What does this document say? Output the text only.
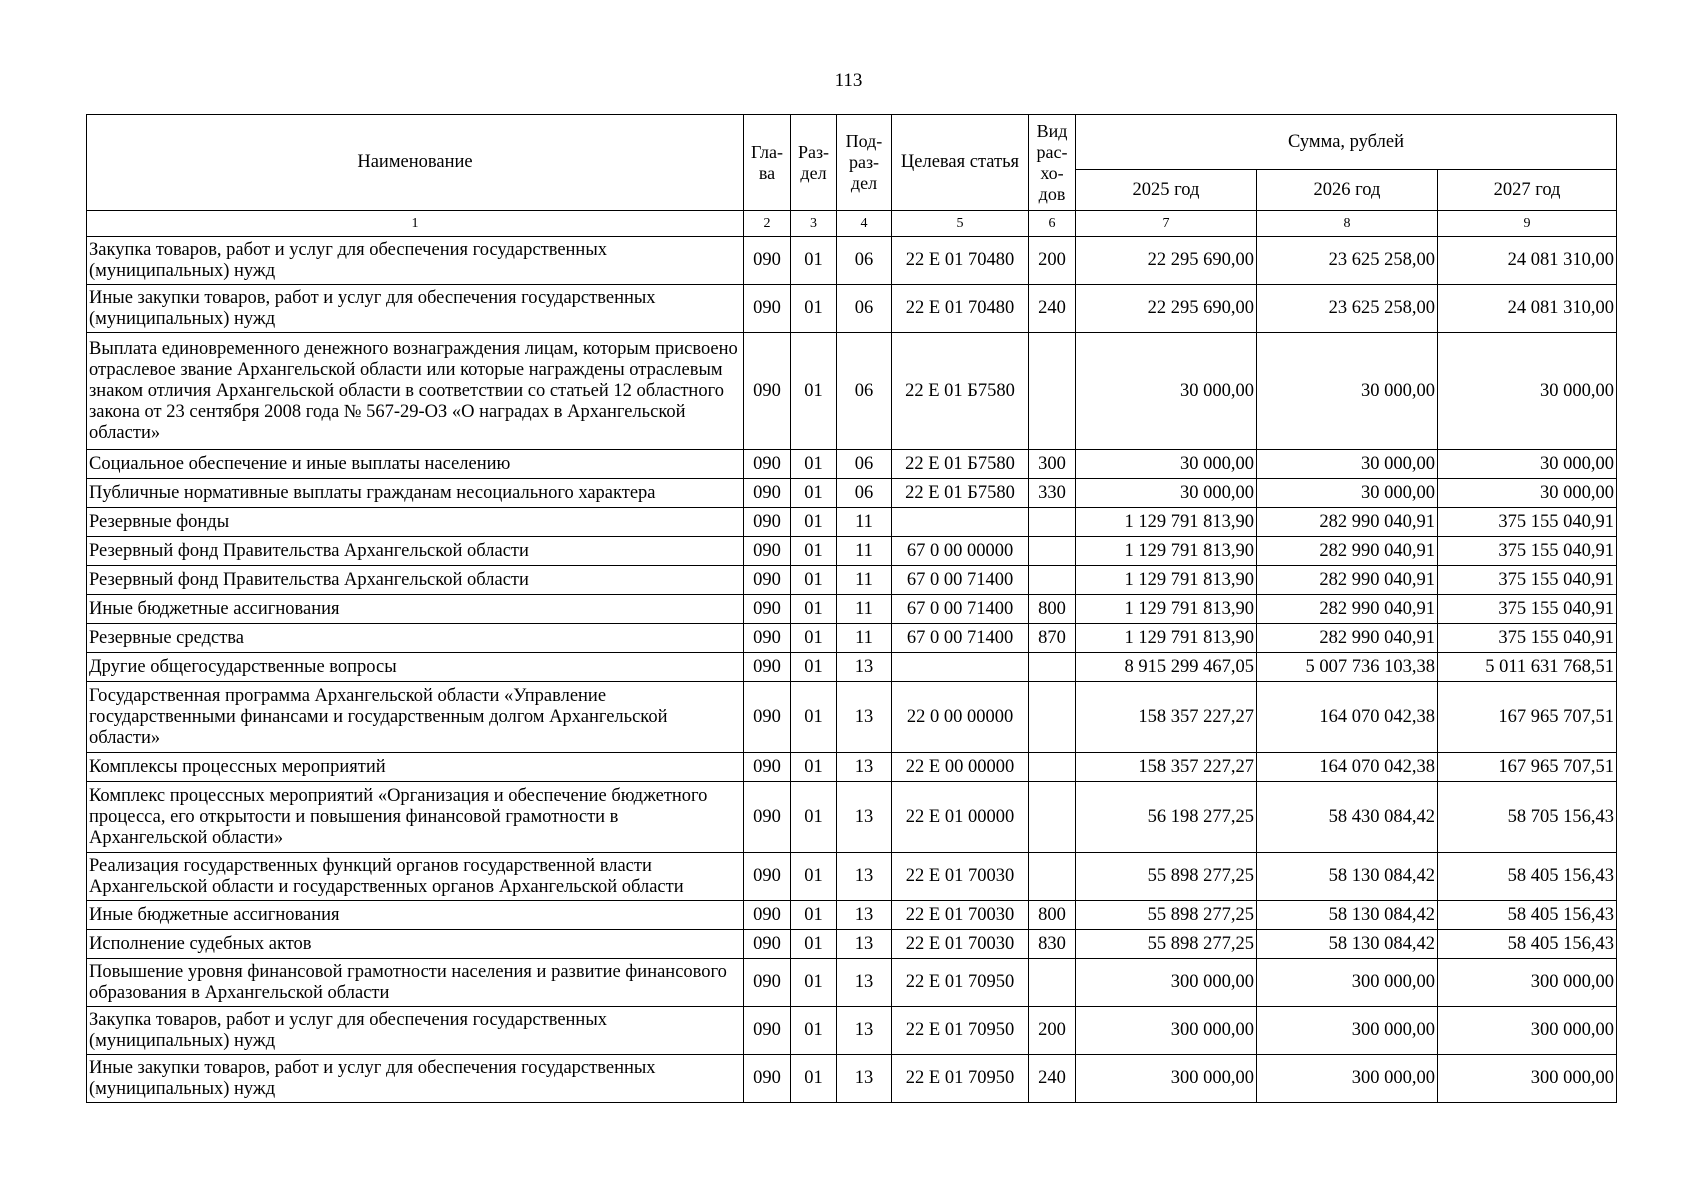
113
Наименование	Гла-ва	Раз-дел	Под-раз-дел	Целевая статья	Вид рас-хо-дов	Сумма, рублей		
						2025 год	2026 год	2027 год
1	2	3	4	5	6	7	8	9
Закупка товаров, работ и услуг для обеспечения государственных (муниципальных) нужд	090	01	06	22 Е 01 70480	200	22 295 690,00	23 625 258,00	24 081 310,00
Иные закупки товаров, работ и услуг для обеспечения государственных (муниципальных) нужд	090	01	06	22 Е 01 70480	240	22 295 690,00	23 625 258,00	24 081 310,00
Выплата единовременного денежного вознаграждения лицам, которым присвоено отраслевое звание Архангельской области или которые награждены отраслевым знаком отличия Архангельской области в соответствии со статьей 12 областного закона от 23 сентября 2008 года № 567-29-ОЗ «О наградах в Архангельской области»	090	01	06	22 Е 01 Б7580		30 000,00	30 000,00	30 000,00
Социальное обеспечение и иные выплаты населению	090	01	06	22 Е 01 Б7580	300	30 000,00	30 000,00	30 000,00
Публичные нормативные выплаты гражданам несоциального характера	090	01	06	22 Е 01 Б7580	330	30 000,00	30 000,00	30 000,00
Резервные фонды	090	01	11			1 129 791 813,90	282 990 040,91	375 155 040,91
Резервный фонд Правительства Архангельской области	090	01	11	67 0 00 00000		1 129 791 813,90	282 990 040,91	375 155 040,91
Резервный фонд Правительства Архангельской области	090	01	11	67 0 00 71400		1 129 791 813,90	282 990 040,91	375 155 040,91
Иные бюджетные ассигнования	090	01	11	67 0 00 71400	800	1 129 791 813,90	282 990 040,91	375 155 040,91
Резервные средства	090	01	11	67 0 00 71400	870	1 129 791 813,90	282 990 040,91	375 155 040,91
Другие общегосударственные вопросы	090	01	13			8 915 299 467,05	5 007 736 103,38	5 011 631 768,51
Государственная программа Архангельской области «Управление государственными финансами и государственным долгом Архангельской области»	090	01	13	22 0 00 00000		158 357 227,27	164 070 042,38	167 965 707,51
Комплексы процессных мероприятий	090	01	13	22 Е 00 00000		158 357 227,27	164 070 042,38	167 965 707,51
Комплекс процессных мероприятий «Организация и обеспечение бюджетного процесса, его открытости и повышения финансовой грамотности в Архангельской области»	090	01	13	22 Е 01 00000		56 198 277,25	58 430 084,42	58 705 156,43
Реализация государственных функций органов государственной власти Архангельской области и государственных органов Архангельской области	090	01	13	22 Е 01 70030		55 898 277,25	58 130 084,42	58 405 156,43
Иные бюджетные ассигнования	090	01	13	22 Е 01 70030	800	55 898 277,25	58 130 084,42	58 405 156,43
Исполнение судебных актов	090	01	13	22 Е 01 70030	830	55 898 277,25	58 130 084,42	58 405 156,43
Повышение уровня финансовой грамотности населения и развитие финансового образования в Архангельской области	090	01	13	22 Е 01 70950		300 000,00	300 000,00	300 000,00
Закупка товаров, работ и услуг для обеспечения государственных (муниципальных) нужд	090	01	13	22 Е 01 70950	200	300 000,00	300 000,00	300 000,00
Иные закупки товаров, работ и услуг для обеспечения государственных (муниципальных) нужд	090	01	13	22 Е 01 70950	240	300 000,00	300 000,00	300 000,00
